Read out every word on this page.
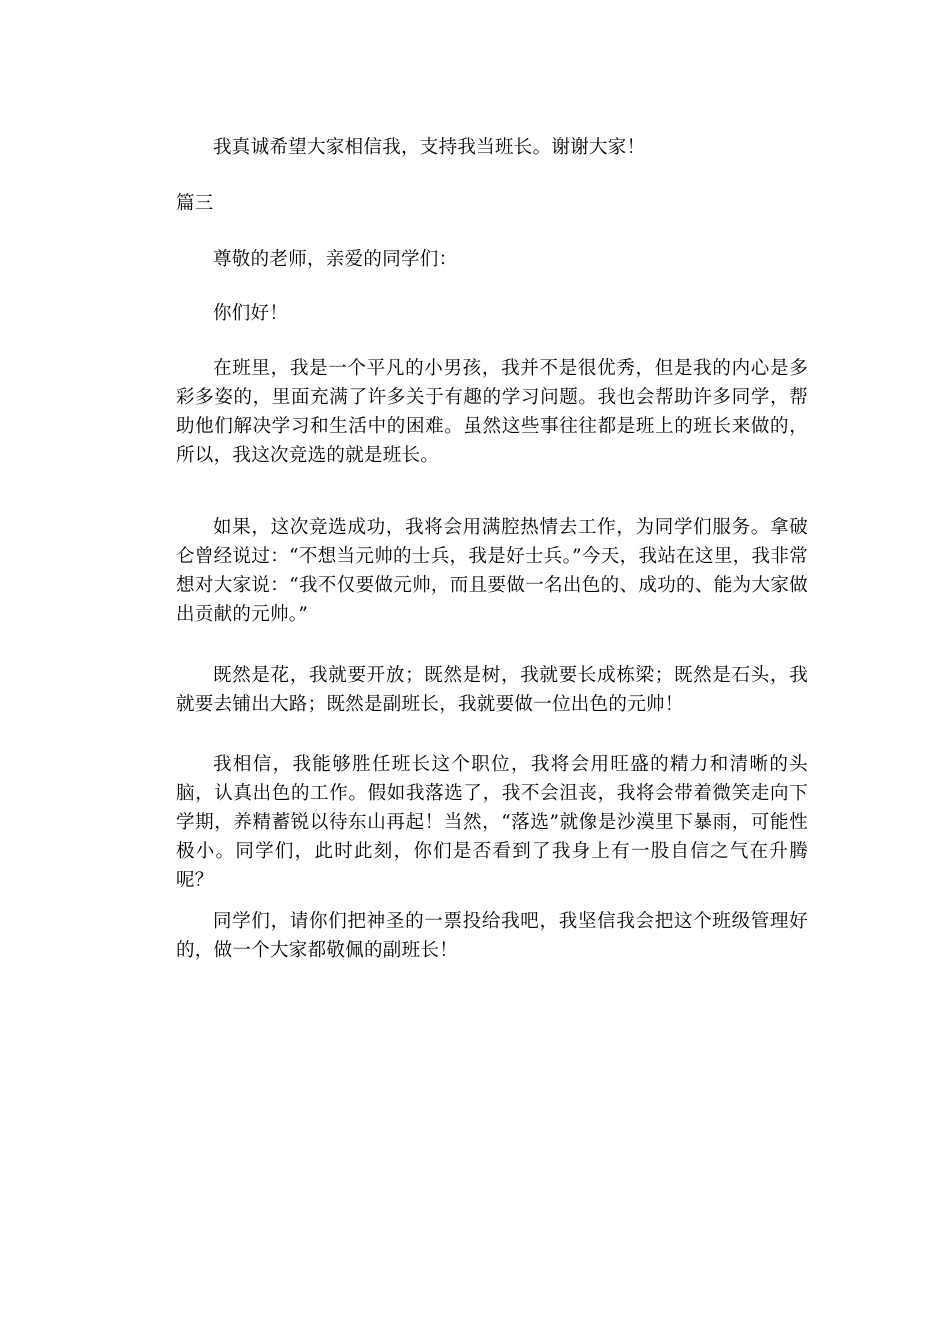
我真诚希望大家相信我，支持我当班长。谢谢大家！

篇三

尊敬的老师，亲爱的同学们：

你们好！

在班里，我是一个平凡的小男孩，我并不是很优秀，但是我的内心是多彩多姿的，里面充满了许多关于有趣的学习问题。我也会帮助许多同学，帮助他们解决学习和生活中的困难。虽然这些事往往都是班上的班长来做的，所以，我这次竞选的就是班长。

如果，这次竞选成功，我将会用满腔热情去工作，为同学们服务。拿破仑曾经说过：“不想当元帅的士兵，我是好士兵。”今天，我站在这里，我非常想对大家说：“我不仅要做元帅，而且要做一名出色的、成功的、能为大家做出贡献的元帅。”

既然是花，我就要开放；既然是树，我就要长成栋梁；既然是石头，我就要去铺出大路；既然是副班长，我就要做一位出色的元帅！

我相信，我能够胜任班长这个职位，我将会用旺盛的精力和清晰的头脑，认真出色的工作。假如我落选了，我不会沮丧，我将会带着微笑走向下学期，养精蓄锐以待东山再起！当然，“落选”就像是沙漠里下暴雨，可能性极小。同学们，此时此刻，你们是否看到了我身上有一股自信之气在升腾呢？

同学们，请你们把神圣的一票投给我吧，我坚信我会把这个班级管理好的，做一个大家都敬佩的副班长！
